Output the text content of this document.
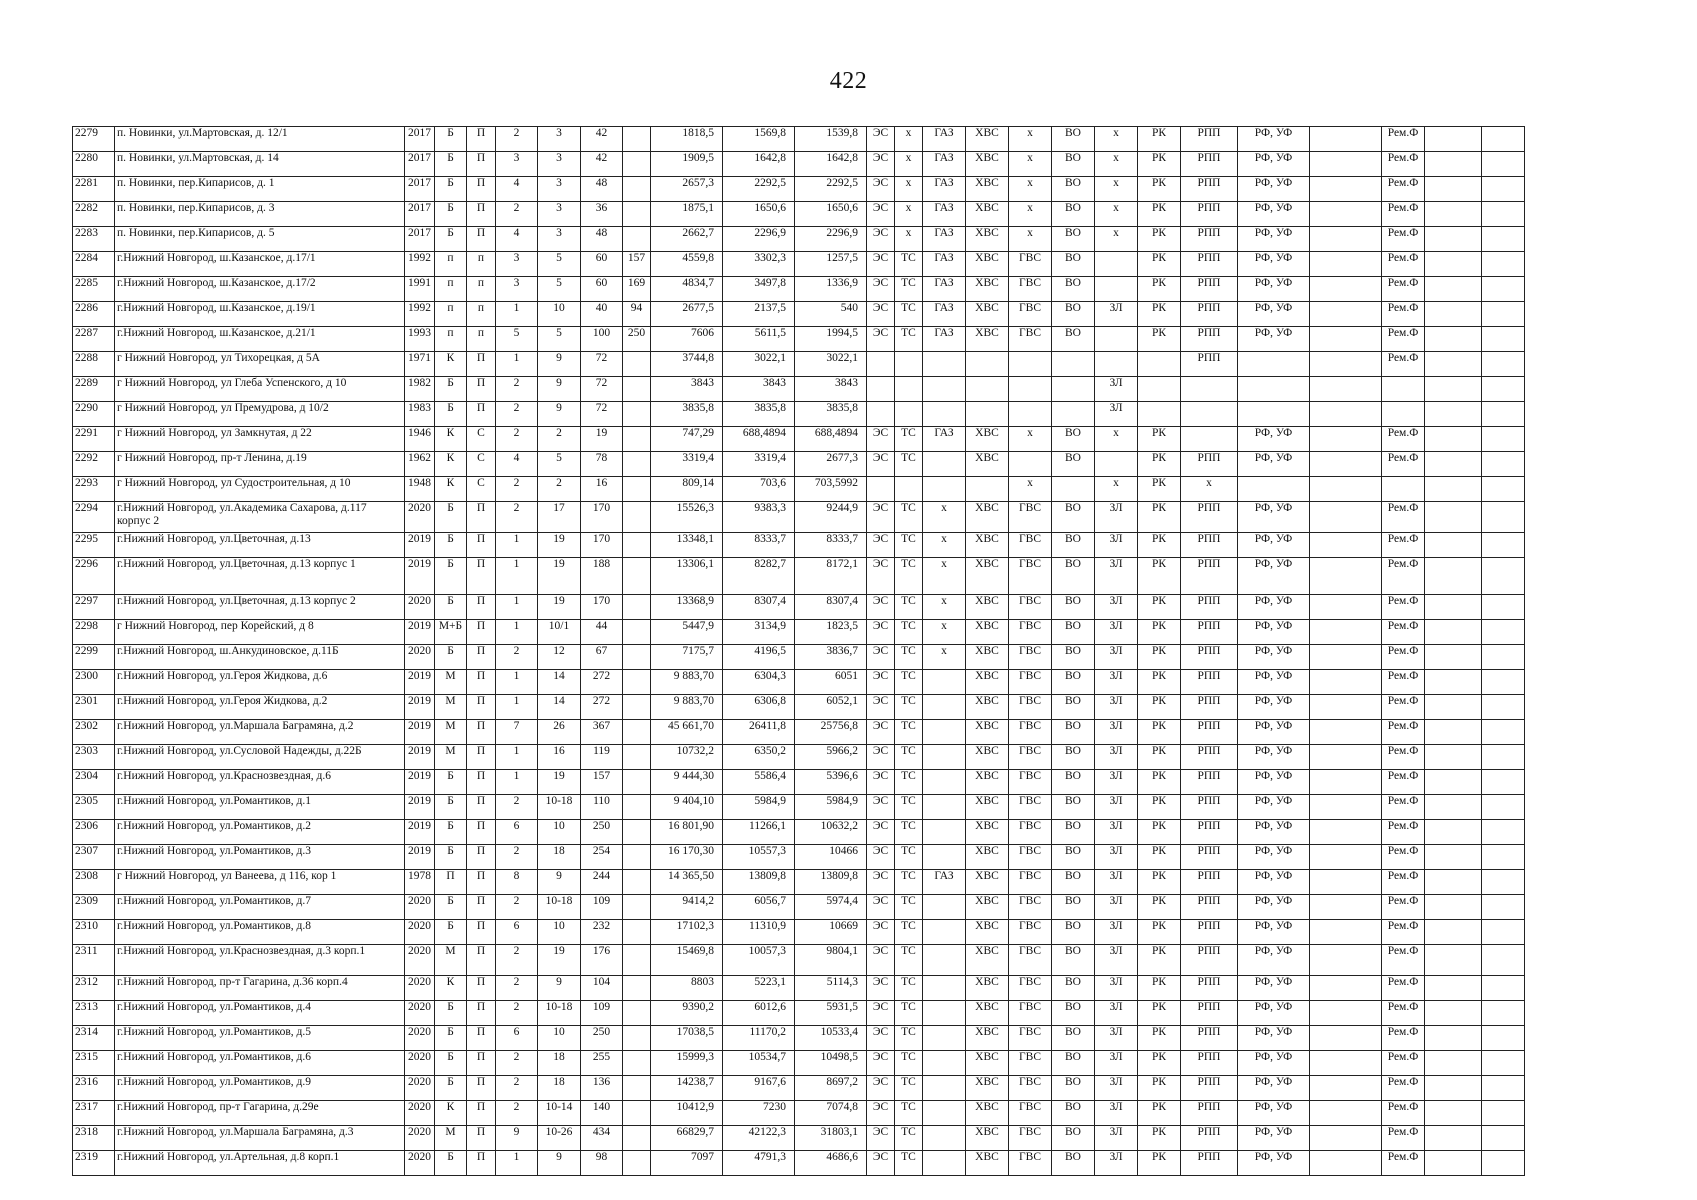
422
2279	п. Новинки, ул.Мартовская, д. 12/1	2017	Б	П	2	3	42		1818,5	1569,8	1539,8	ЭС	х	ГАЗ	ХВС	х	ВО	х	РК	РПП	РФ, УФ		Рем.Ф		
2280	п. Новинки, ул.Мартовская, д. 14	2017	Б	П	3	3	42		1909,5	1642,8	1642,8	ЭС	х	ГАЗ	ХВС	х	ВО	х	РК	РПП	РФ, УФ		Рем.Ф		
2281	п. Новинки, пер.Кипарисов, д. 1	2017	Б	П	4	3	48		2657,3	2292,5	2292,5	ЭС	х	ГАЗ	ХВС	х	ВО	х	РК	РПП	РФ, УФ		Рем.Ф		
2282	п. Новинки, пер.Кипарисов, д. 3	2017	Б	П	2	3	36		1875,1	1650,6	1650,6	ЭС	х	ГАЗ	ХВС	х	ВО	х	РК	РПП	РФ, УФ		Рем.Ф		
2283	п. Новинки, пер.Кипарисов, д. 5	2017	Б	П	4	3	48		2662,7	2296,9	2296,9	ЭС	х	ГАЗ	ХВС	х	ВО	х	РК	РПП	РФ, УФ		Рем.Ф		
2284	г.Нижний Новгород, ш.Казанское, д.17/1	1992	п	п	3	5	60	157	4559,8	3302,3	1257,5	ЭС	ТС	ГАЗ	ХВС	ГВС	ВО		РК	РПП	РФ, УФ		Рем.Ф		
2285	г.Нижний Новгород, ш.Казанское, д.17/2	1991	п	п	3	5	60	169	4834,7	3497,8	1336,9	ЭС	ТС	ГАЗ	ХВС	ГВС	ВО		РК	РПП	РФ, УФ		Рем.Ф		
2286	г.Нижний Новгород, ш.Казанское, д.19/1	1992	п	п	1	10	40	94	2677,5	2137,5	540	ЭС	ТС	ГАЗ	ХВС	ГВС	ВО	ЗЛ	РК	РПП	РФ, УФ		Рем.Ф		
2287	г.Нижний Новгород, ш.Казанское, д.21/1	1993	п	п	5	5	100	250	7606	5611,5	1994,5	ЭС	ТС	ГАЗ	ХВС	ГВС	ВО		РК	РПП	РФ, УФ		Рем.Ф		
2288	г Нижний Новгород, ул Тихорецкая, д 5А	1971	К	П	1	9	72		3744,8	3022,1	3022,1									РПП			Рем.Ф		
2289	г Нижний Новгород, ул Глеба Успенского, д 10	1982	Б	П	2	9	72		3843	3843	3843							ЗЛ							
2290	г Нижний Новгород, ул Премудрова, д 10/2	1983	Б	П	2	9	72		3835,8	3835,8	3835,8							ЗЛ							
2291	г Нижний Новгород, ул Замкнутая, д 22	1946	К	С	2	2	19		747,29	688,4894	688,4894	ЭС	ТС	ГАЗ	ХВС	х	ВО	х	РК		РФ, УФ		Рем.Ф		
2292	г Нижний Новгород, пр-т Ленина, д.19	1962	К	С	4	5	78		3319,4	3319,4	2677,3	ЭС	ТС		ХВС		ВО		РК	РПП	РФ, УФ		Рем.Ф		
2293	г Нижний Новгород, ул Судостроительная, д 10	1948	К	С	2	2	16		809,14	703,6	703,5992					х		х	РК	х					
2294	г.Нижний Новгород, ул.Академика Сахарова, д.117 корпус 2	2020	Б	П	2	17	170		15526,3	9383,3	9244,9	ЭС	ТС	х	ХВС	ГВС	ВО	ЗЛ	РК	РПП	РФ, УФ		Рем.Ф		
2295	г.Нижний Новгород, ул.Цветочная, д.13	2019	Б	П	1	19	170		13348,1	8333,7	8333,7	ЭС	ТС	х	ХВС	ГВС	ВО	ЗЛ	РК	РПП	РФ, УФ		Рем.Ф		
2296	г.Нижний Новгород, ул.Цветочная, д.13 корпус 1	2019	Б	П	1	19	188		13306,1	8282,7	8172,1	ЭС	ТС	х	ХВС	ГВС	ВО	ЗЛ	РК	РПП	РФ, УФ		Рем.Ф		
2297	г.Нижний Новгород, ул.Цветочная, д.13 корпус 2	2020	Б	П	1	19	170		13368,9	8307,4	8307,4	ЭС	ТС	х	ХВС	ГВС	ВО	ЗЛ	РК	РПП	РФ, УФ		Рем.Ф		
2298	г Нижний Новгород, пер Корейский, д 8	2019	М+Б	П	1	10/1	44		5447,9	3134,9	1823,5	ЭС	ТС	х	ХВС	ГВС	ВО	ЗЛ	РК	РПП	РФ, УФ		Рем.Ф		
2299	г.Нижний Новгород, ш.Анкудиновское, д.11Б	2020	Б	П	2	12	67		7175,7	4196,5	3836,7	ЭС	ТС	х	ХВС	ГВС	ВО	ЗЛ	РК	РПП	РФ, УФ		Рем.Ф		
2300	г.Нижний Новгород, ул.Героя Жидкова, д.6	2019	М	П	1	14	272		9 883,70	6304,3	6051	ЭС	ТС		ХВС	ГВС	ВО	ЗЛ	РК	РПП	РФ, УФ		Рем.Ф		
2301	г.Нижний Новгород, ул.Героя Жидкова, д.2	2019	М	П	1	14	272		9 883,70	6306,8	6052,1	ЭС	ТС		ХВС	ГВС	ВО	ЗЛ	РК	РПП	РФ, УФ		Рем.Ф		
2302	г.Нижний Новгород, ул.Маршала Баграмяна, д.2	2019	М	П	7	26	367		45 661,70	26411,8	25756,8	ЭС	ТС		ХВС	ГВС	ВО	ЗЛ	РК	РПП	РФ, УФ		Рем.Ф		
2303	г.Нижний Новгород, ул.Сусловой Надежды, д.22Б	2019	М	П	1	16	119		10732,2	6350,2	5966,2	ЭС	ТС		ХВС	ГВС	ВО	ЗЛ	РК	РПП	РФ, УФ		Рем.Ф		
2304	г.Нижний Новгород, ул.Краснозвездная, д.6	2019	Б	П	1	19	157		9 444,30	5586,4	5396,6	ЭС	ТС		ХВС	ГВС	ВО	ЗЛ	РК	РПП	РФ, УФ		Рем.Ф		
2305	г.Нижний Новгород, ул.Романтиков, д.1	2019	Б	П	2	10-18	110		9 404,10	5984,9	5984,9	ЭС	ТС		ХВС	ГВС	ВО	ЗЛ	РК	РПП	РФ, УФ		Рем.Ф		
2306	г.Нижний Новгород, ул.Романтиков, д.2	2019	Б	П	6	10	250		16 801,90	11266,1	10632,2	ЭС	ТС		ХВС	ГВС	ВО	ЗЛ	РК	РПП	РФ, УФ		Рем.Ф		
2307	г.Нижний Новгород, ул.Романтиков, д.3	2019	Б	П	2	18	254		16 170,30	10557,3	10466	ЭС	ТС		ХВС	ГВС	ВО	ЗЛ	РК	РПП	РФ, УФ		Рем.Ф		
2308	г Нижний Новгород, ул Ванеева, д 116, кор 1	1978	П	П	8	9	244		14 365,50	13809,8	13809,8	ЭС	ТС	ГАЗ	ХВС	ГВС	ВО	ЗЛ	РК	РПП	РФ, УФ		Рем.Ф		
2309	г.Нижний Новгород, ул.Романтиков, д.7	2020	Б	П	2	10-18	109		9414,2	6056,7	5974,4	ЭС	ТС		ХВС	ГВС	ВО	ЗЛ	РК	РПП	РФ, УФ		Рем.Ф		
2310	г.Нижний Новгород, ул.Романтиков, д.8	2020	Б	П	6	10	232		17102,3	11310,9	10669	ЭС	ТС		ХВС	ГВС	ВО	ЗЛ	РК	РПП	РФ, УФ		Рем.Ф		
2311	г.Нижний Новгород, ул.Краснозвездная, д.3 корп.1	2020	М	П	2	19	176		15469,8	10057,3	9804,1	ЭС	ТС		ХВС	ГВС	ВО	ЗЛ	РК	РПП	РФ, УФ		Рем.Ф		
2312	г.Нижний Новгород, пр-т Гагарина, д.36 корп.4	2020	К	П	2	9	104		8803	5223,1	5114,3	ЭС	ТС		ХВС	ГВС	ВО	ЗЛ	РК	РПП	РФ, УФ		Рем.Ф		
2313	г.Нижний Новгород, ул.Романтиков, д.4	2020	Б	П	2	10-18	109		9390,2	6012,6	5931,5	ЭС	ТС		ХВС	ГВС	ВО	ЗЛ	РК	РПП	РФ, УФ		Рем.Ф		
2314	г.Нижний Новгород, ул.Романтиков, д.5	2020	Б	П	6	10	250		17038,5	11170,2	10533,4	ЭС	ТС		ХВС	ГВС	ВО	ЗЛ	РК	РПП	РФ, УФ		Рем.Ф		
2315	г.Нижний Новгород, ул.Романтиков, д.6	2020	Б	П	2	18	255		15999,3	10534,7	10498,5	ЭС	ТС		ХВС	ГВС	ВО	ЗЛ	РК	РПП	РФ, УФ		Рем.Ф		
2316	г.Нижний Новгород, ул.Романтиков, д.9	2020	Б	П	2	18	136		14238,7	9167,6	8697,2	ЭС	ТС		ХВС	ГВС	ВО	ЗЛ	РК	РПП	РФ, УФ		Рем.Ф		
2317	г.Нижний Новгород, пр-т Гагарина, д.29е	2020	К	П	2	10-14	140		10412,9	7230	7074,8	ЭС	ТС		ХВС	ГВС	ВО	ЗЛ	РК	РПП	РФ, УФ		Рем.Ф		
2318	г.Нижний Новгород, ул.Маршала Баграмяна, д.3	2020	М	П	9	10-26	434		66829,7	42122,3	31803,1	ЭС	ТС		ХВС	ГВС	ВО	ЗЛ	РК	РПП	РФ, УФ		Рем.Ф		
2319	г.Нижний Новгород, ул.Артельная, д.8 корп.1	2020	Б	П	1	9	98		7097	4791,3	4686,6	ЭС	ТС		ХВС	ГВС	ВО	ЗЛ	РК	РПП	РФ, УФ		Рем.Ф		
